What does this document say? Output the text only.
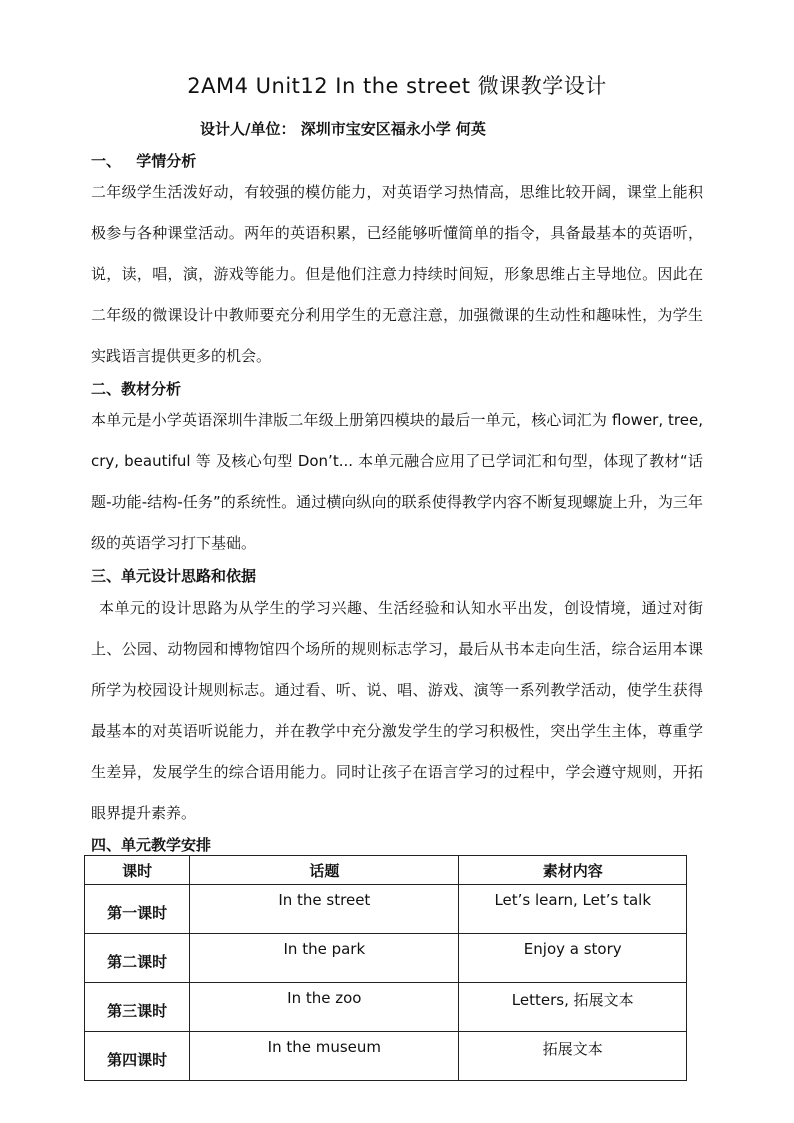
2AM4 Unit12 In the street 微课教学设计
设计人/单位： 深圳市宝安区福永小学 何英
一、 学情分析
二年级学生活泼好动，有较强的模仿能力，对英语学习热情高，思维比较开阔，课堂上能积极参与各种课堂活动。两年的英语积累，已经能够听懂简单的指令，具备最基本的英语听，说，读，唱，演，游戏等能力。但是他们注意力持续时间短，形象思维占主导地位。因此在二年级的微课设计中教师要充分利用学生的无意注意，加强微课的生动性和趣味性，为学生实践语言提供更多的机会。
二、教材分析
本单元是小学英语深圳牛津版二年级上册第四模块的最后一单元，核心词汇为 flower, tree, cry, beautiful 等 及核心句型 Don’t... 本单元融合应用了已学词汇和句型，体现了教材“话题-功能-结构-任务”的系统性。通过横向纵向的联系使得教学内容不断复现螺旋上升，为三年级的英语学习打下基础。
三、单元设计思路和依据
本单元的设计思路为从学生的学习兴趣、生活经验和认知水平出发，创设情境，通过对街上、公园、动物园和博物馆四个场所的规则标志学习，最后从书本走向生活，综合运用本课所学为校园设计规则标志。通过看、听、说、唱、游戏、演等一系列教学活动，使学生获得最基本的对英语听说能力，并在教学中充分激发学生的学习积极性，突出学生主体，尊重学生差异，发展学生的综合语用能力。同时让孩子在语言学习的过程中，学会遵守规则，开拓眼界提升素养。
四、单元教学安排
课时	话题	素材内容
第一课时	In the street	Let’s learn, Let’s talk
第二课时	In the park	Enjoy a story
第三课时	In the zoo	Letters, 拓展文本
第四课时	In the museum	拓展文本
